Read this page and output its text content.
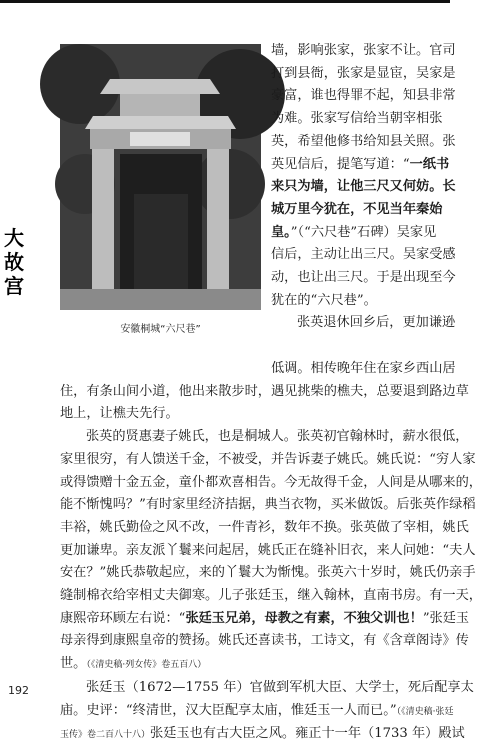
大
故
宫
安徽桐城“六尺巷”
墙，影响张家，张家不让。官司
打到县衙，张家是显宦，吴家是
豪富，谁也得罪不起，知县非常
为难。张家写信给当朝宰相张
英，希望他修书给知县关照。张
英见信后，提笔写道：“一纸书
来只为墙，让他三尺又何妨。长
城万里今犹在，不见当年秦始
皇。”（“六尺巷”石碑）吴家见
信后，主动让出三尺。吴家受感
动，也让出三尺。于是出现至今
犹在的“六尺巷”。
张英退休回乡后，更加谦逊
低调。相传晚年住在家乡西山居
住，有条山间小道，他出来散步时，遇见挑柴的樵夫，总要退到路边草
地上，让樵夫先行。
张英的贤惠妻子姚氏，也是桐城人。张英初官翰林时，薪水很低，
家里很穷，有人馈送千金，不被受，并告诉妻子姚氏。姚氏说：“穷人家
或得馈赠十金五金，童仆都欢喜相告。今无故得千金，人间是从哪来的，
能不惭愧吗？”有时家里经济拮据，典当衣物，买米做饭。后张英作绿稻
丰裕，姚氏勤俭之风不改，一件青衫，数年不换。张英做了宰相，姚氏
更加谦卑。亲友派丫鬟来问起居，姚氏正在缝补旧衣，来人问她：“夫人
安在？”姚氏恭敬起应，来的丫鬟大为惭愧。张英六十岁时，姚氏仍亲手
缝制棉衣给宰相丈夫御寒。儿子张廷玉，继入翰林，直南书房。有一天，
康熙帝环顾左右说：“张廷玉兄弟，母教之有素，不独父训也！”张廷玉
母亲得到康熙皇帝的赞扬。姚氏还喜读书，工诗文，有《含章阁诗》传
世。（《清史稿·列女传》卷五百八）
张廷玉（1672—1755 年）官做到军机大臣、大学士，死后配享太
庙。史评：“终清世，汉大臣配享太庙，惟廷玉一人而已。”（《清史稿·张廷
玉传》卷二百八十八）张廷玉也有古大臣之风。雍正十一年（1733 年）殿试
192
